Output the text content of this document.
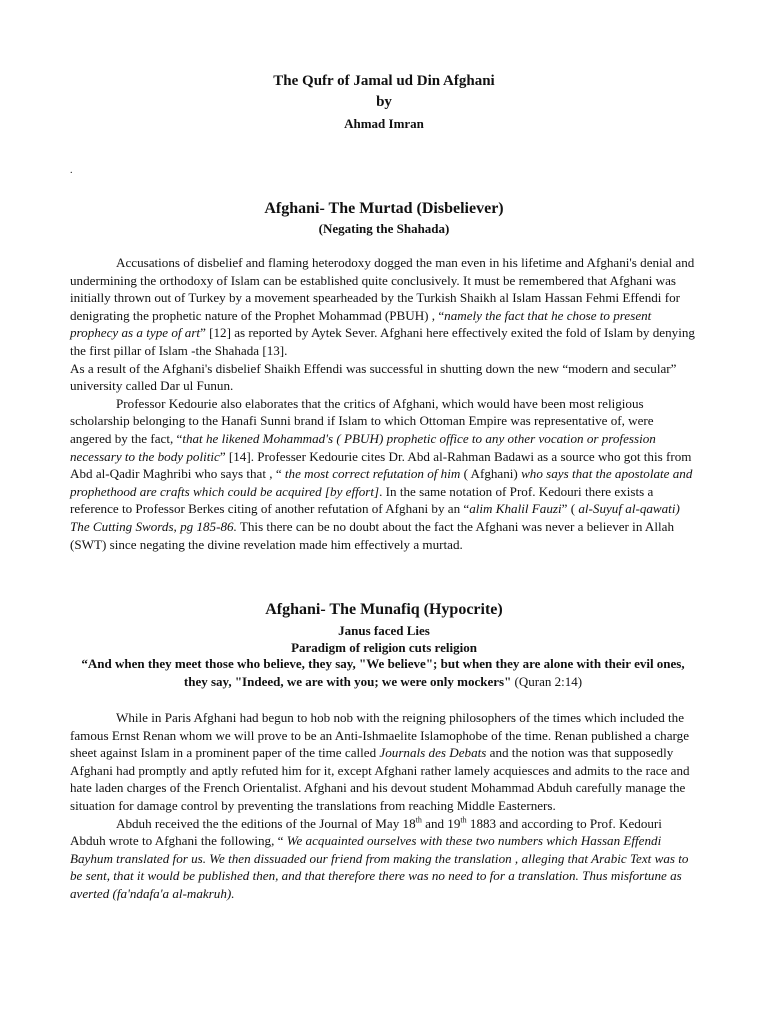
The Qufr of Jamal ud Din Afghani
by
Ahmad Imran
.
Afghani- The Murtad (Disbeliever)
(Negating the Shahada)

Accusations of disbelief and flaming heterodoxy dogged the man even in his lifetime and Afghani's denial and undermining the orthodoxy of Islam can be established quite conclusively. It must be remembered that Afghani was initially thrown out of Turkey by a movement spearheaded by the Turkish Shaikh al Islam Hassan Fehmi Effendi for denigrating the prophetic nature of the Prophet Mohammad (PBUH) , “namely the fact that he chose to present prophecy as a type of art” [12] as reported by Aytek Sever. Afghani here effectively exited the fold of Islam by denying the first pillar of Islam -the Shahada [13].

As a result of the Afghani's disbelief Shaikh Effendi was successful in shutting down the new “modern and secular” university called Dar ul Funun.

Professor Kedourie also elaborates that the critics of Afghani, which would have been most religious scholarship belonging to the Hanafi Sunni brand if Islam to which Ottoman Empire was representative of, were angered by the fact, “that he likened Mohammad's ( PBUH) prophetic office to any other vocation or profession necessary to the body politic” [14]. Professer Kedourie cites Dr. Abd al-Rahman Badawi as a source who got this from Abd al-Qadir Maghribi who says that , “ the most correct refutation of him ( Afghani) who says that the apostolate and prophethood are crafts which could be acquired [by effort]. In the same notation of Prof. Kedouri there exists a reference to Professor Berkes citing of another refutation of Afghani by an “alim Khalil Fauzi” ( al-Suyuf al-qawati) The Cutting Swords, pg 185-86. This there can be no doubt about the fact the Afghani was never a believer in Allah (SWT) since negating the divine revelation made him effectively a murtad.

Afghani- The Munafiq (Hypocrite)
Janus faced Lies
Paradigm of religion cuts religion
“And when they meet those who believe, they say, "We believe"; but when they are alone with their evil ones, they say, "Indeed, we are with you; we were only mockers" (Quran 2:14)

While in Paris Afghani had begun to hob nob with the reigning philosophers of the times which included the famous Ernst Renan whom we will prove to be an Anti-Ishmaelite Islamophobe of the time. Renan published a charge sheet against Islam in a prominent paper of the time called Journals des Debats and the notion was that supposedly Afghani had promptly and aptly refuted him for it, except Afghani rather lamely acquiesces and admits to the race and hate laden charges of the French Orientalist. Afghani and his devout student Mohammad Abduh carefully manage the situation for damage control by preventing the translations from reaching Middle Easterners.

Abduh received the the editions of the Journal of May 18th and 19th 1883 and according to Prof. Kedouri Abduh wrote to Afghani the following, “ We acquainted ourselves with these two numbers which Hassan Effendi Bayhum translated for us. We then dissuaded our friend from making the translation , alleging that Arabic Text was to be sent, that it would be published then, and that therefore there was no need to for a translation. Thus misfortune as averted (fa'ndafa'a al-makruh).
